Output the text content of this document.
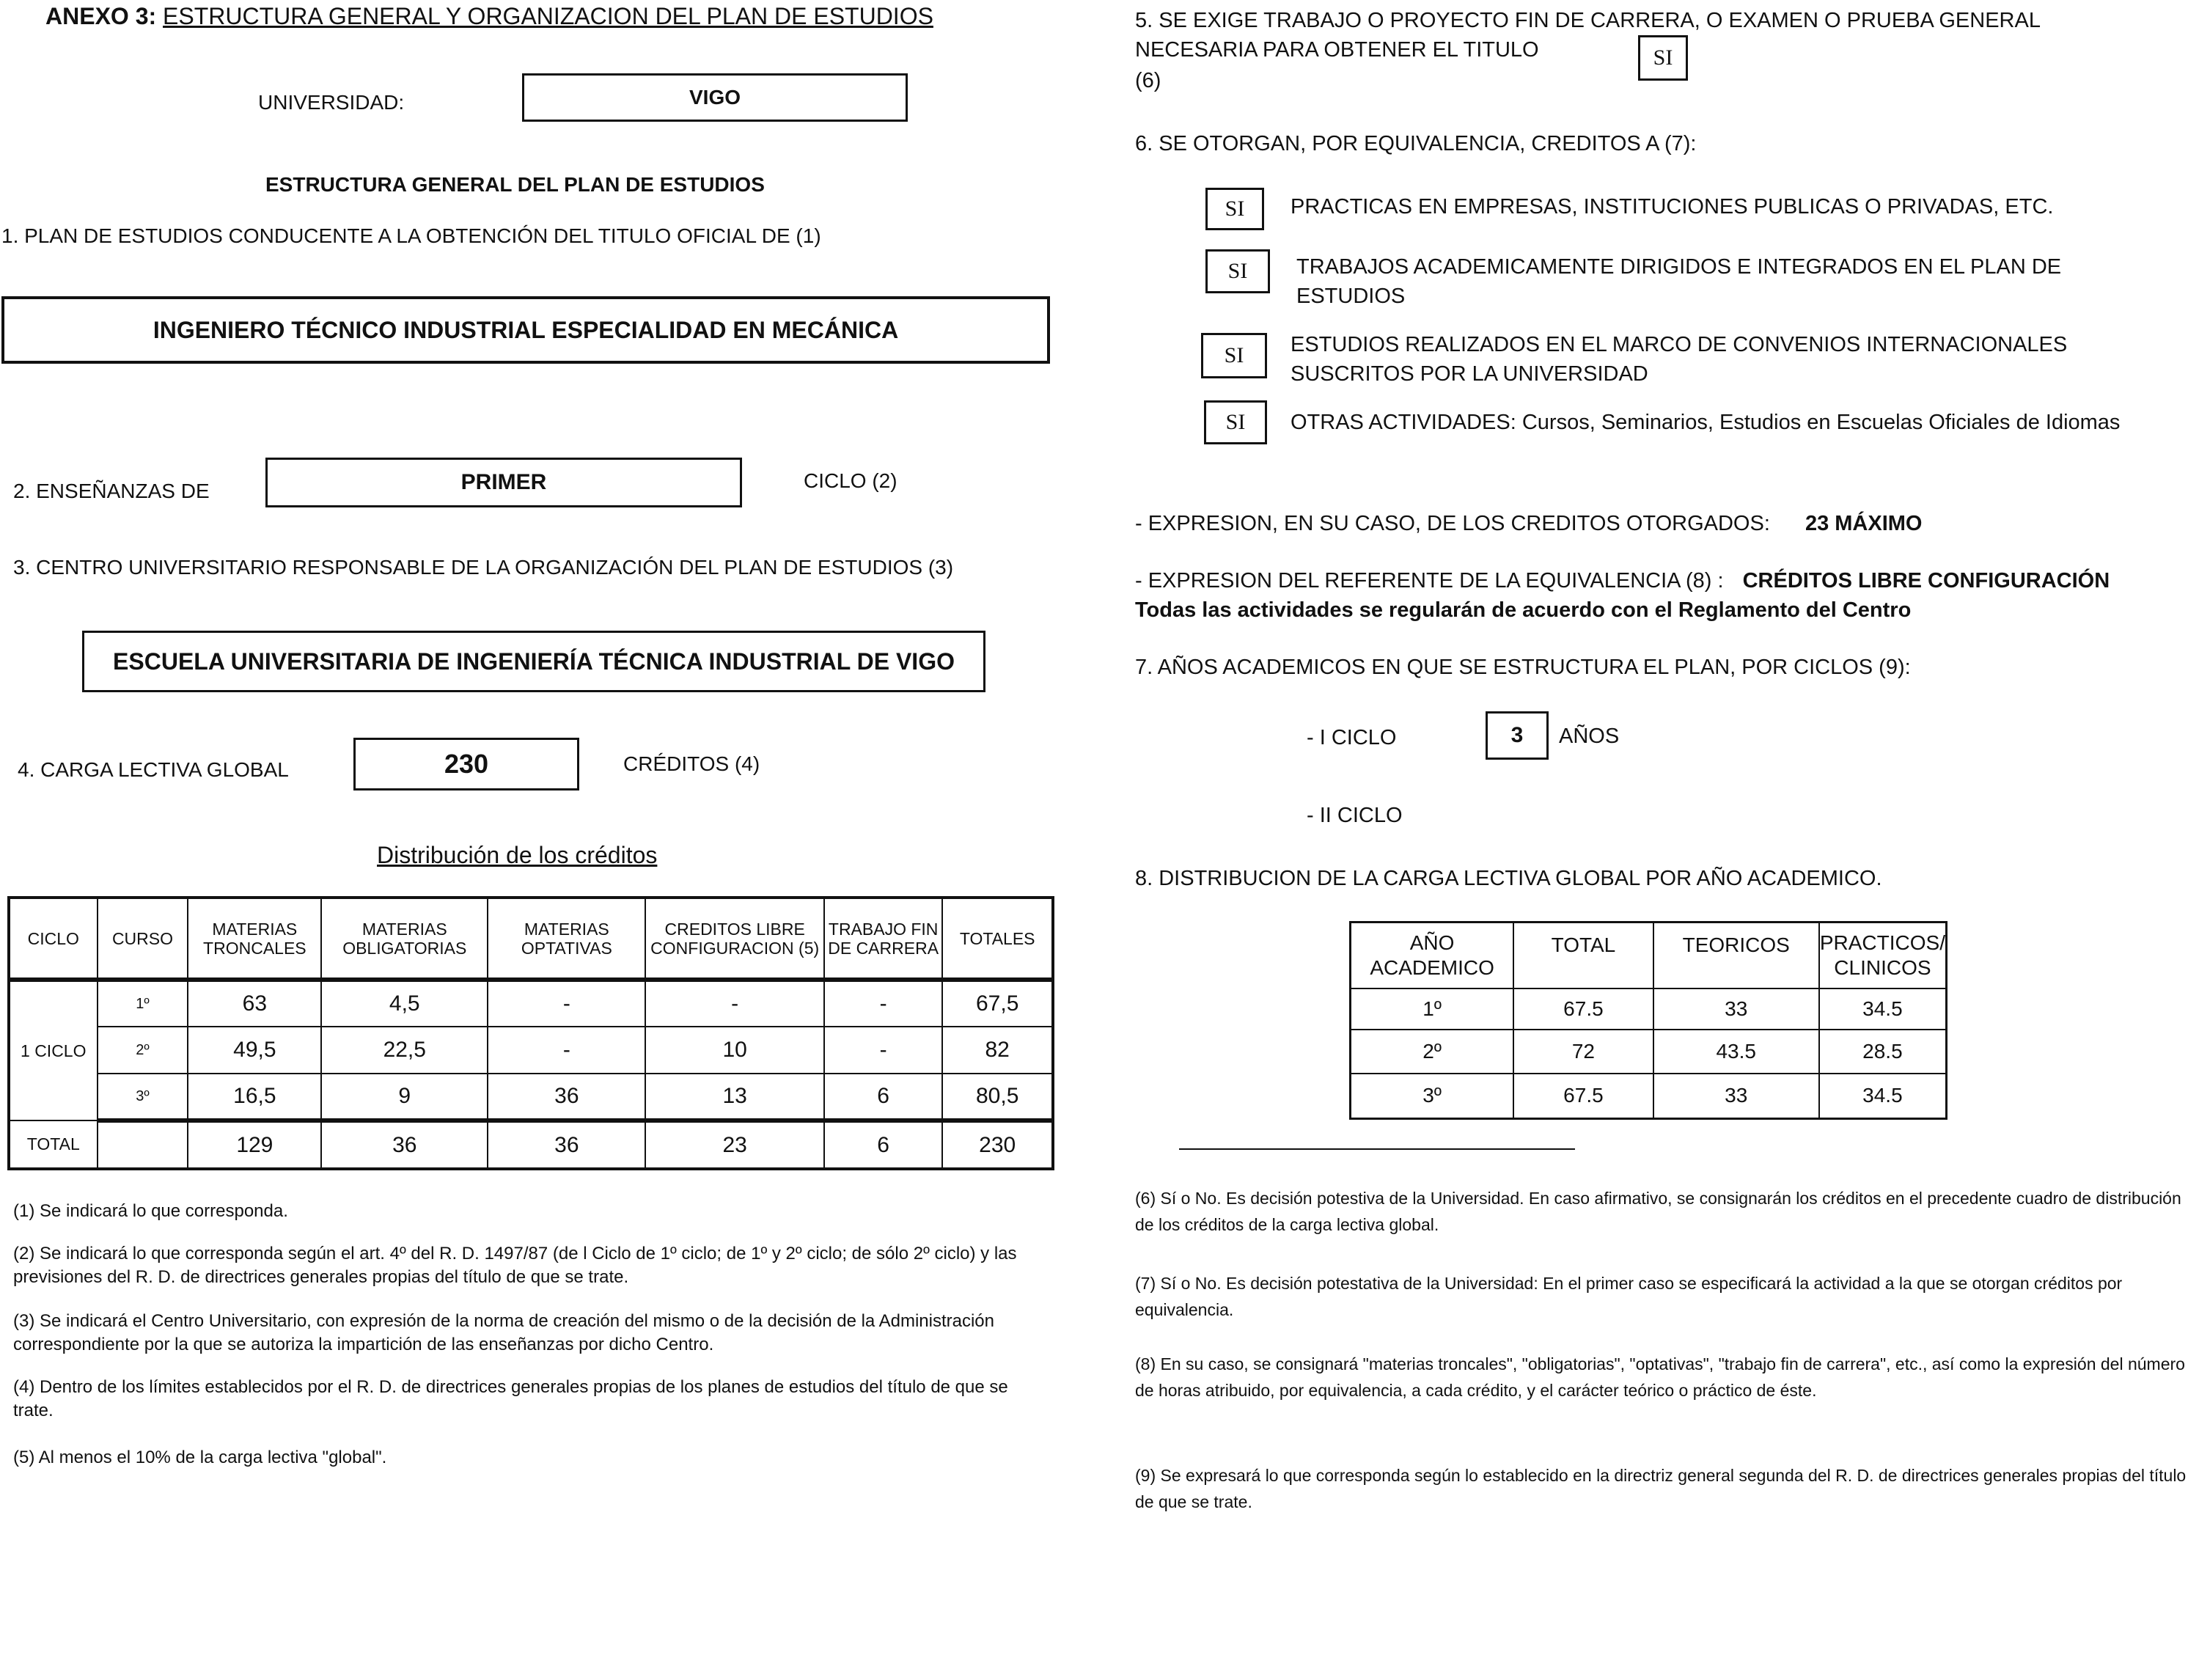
ANEXO 3: ESTRUCTURA GENERAL Y ORGANIZACION DEL PLAN DE ESTUDIOS
UNIVERSIDAD:	VIGO
ESTRUCTURA GENERAL DEL PLAN DE ESTUDIOS
1. PLAN DE ESTUDIOS CONDUCENTE A LA OBTENCIÓN DEL TITULO OFICIAL DE (1)
INGENIERO TÉCNICO INDUSTRIAL ESPECIALIDAD EN MECÁNICA
2. ENSEÑANZAS DE	PRIMER	CICLO (2)
3. CENTRO UNIVERSITARIO RESPONSABLE DE LA ORGANIZACIÓN DEL PLAN DE ESTUDIOS (3)
ESCUELA UNIVERSITARIA DE INGENIERÍA TÉCNICA INDUSTRIAL DE VIGO
4. CARGA LECTIVA GLOBAL	230	CRÉDITOS (4)
Distribución de los créditos
CICLO	CURSO	MATERIAS TRONCALES	MATERIAS OBLIGATORIAS	MATERIAS OPTATIVAS	CREDITOS LIBRE CONFIGURACION (5)	TRABAJO FIN DE CARRERA	TOTALES
1 CICLO	1º	63	4,5	-	-	-	67,5
	2º	49,5	22,5	-	10	-	82
	3º	16,5	9	36	13	6	80,5
TOTAL		129	36	36	23	6	230
(1) Se indicará lo que corresponda.
(2) Se indicará lo que corresponda según el art. 4º del R. D. 1497/87 (de l Ciclo de 1º ciclo; de 1º y 2º ciclo; de sólo 2º ciclo) y las previsiones del R. D. de directrices generales propias del título de que se trate.
(3) Se indicará el Centro Universitario, con expresión de la norma de creación del mismo o de la decisión de la Administración correspondiente por la que se autoriza la impartición de las enseñanzas por dicho Centro.
(4) Dentro de los límites establecidos por el R. D. de directrices generales propias de los planes de estudios del título de que se trate.
(5) Al menos el 10% de la carga lectiva "global".
5. SE EXIGE TRABAJO O PROYECTO FIN DE CARRERA, O EXAMEN O PRUEBA GENERAL
NECESARIA PARA OBTENER EL TITULO
(6)
SI
6. SE OTORGAN, POR EQUIVALENCIA, CREDITOS A (7):
SI PRACTICAS EN EMPRESAS, INSTITUCIONES PUBLICAS O PRIVADAS, ETC.
SI TRABAJOS ACADEMICAMENTE DIRIGIDOS E INTEGRADOS EN EL PLAN DE ESTUDIOS
SI ESTUDIOS REALIZADOS EN EL MARCO DE CONVENIOS INTERNACIONALES SUSCRITOS POR LA UNIVERSIDAD
SI OTRAS ACTIVIDADES: Cursos, Seminarios, Estudios en Escuelas Oficiales de Idiomas
- EXPRESION, EN SU CASO, DE LOS CREDITOS OTORGADOS: 23 MÁXIMO
- EXPRESION DEL REFERENTE DE LA EQUIVALENCIA (8) : CRÉDITOS LIBRE CONFIGURACIÓN
Todas las actividades se regularán de acuerdo con el Reglamento del Centro
7. AÑOS ACADEMICOS EN QUE SE ESTRUCTURA EL PLAN, POR CICLOS (9):
- I CICLO	3 AÑOS
- II CICLO
8. DISTRIBUCION DE LA CARGA LECTIVA GLOBAL POR AÑO ACADEMICO.
AÑO ACADEMICO	TOTAL	TEORICOS	PRACTICOS/ CLINICOS
1º	67.5	33	34.5
2º	72	43.5	28.5
3º	67.5	33	34.5
(6) Sí o No. Es decisión potestiva de la Universidad. En caso afirmativo, se consignarán los créditos en el precedente cuadro de distribución de los créditos de la carga lectiva global.
(7) Sí o No. Es decisión potestativa de la Universidad: En el primer caso se especificará la actividad a la que se otorgan créditos por equivalencia.
(8) En su caso, se consignará "materias troncales", "obligatorias", "optativas", "trabajo fin de carrera", etc., así como la expresión del número de horas atribuido, por equivalencia, a cada crédito, y el carácter teórico o práctico de éste.
(9) Se expresará lo que corresponda según lo establecido en la directriz general segunda del R. D. de directrices generales propias del título de que se trate.
